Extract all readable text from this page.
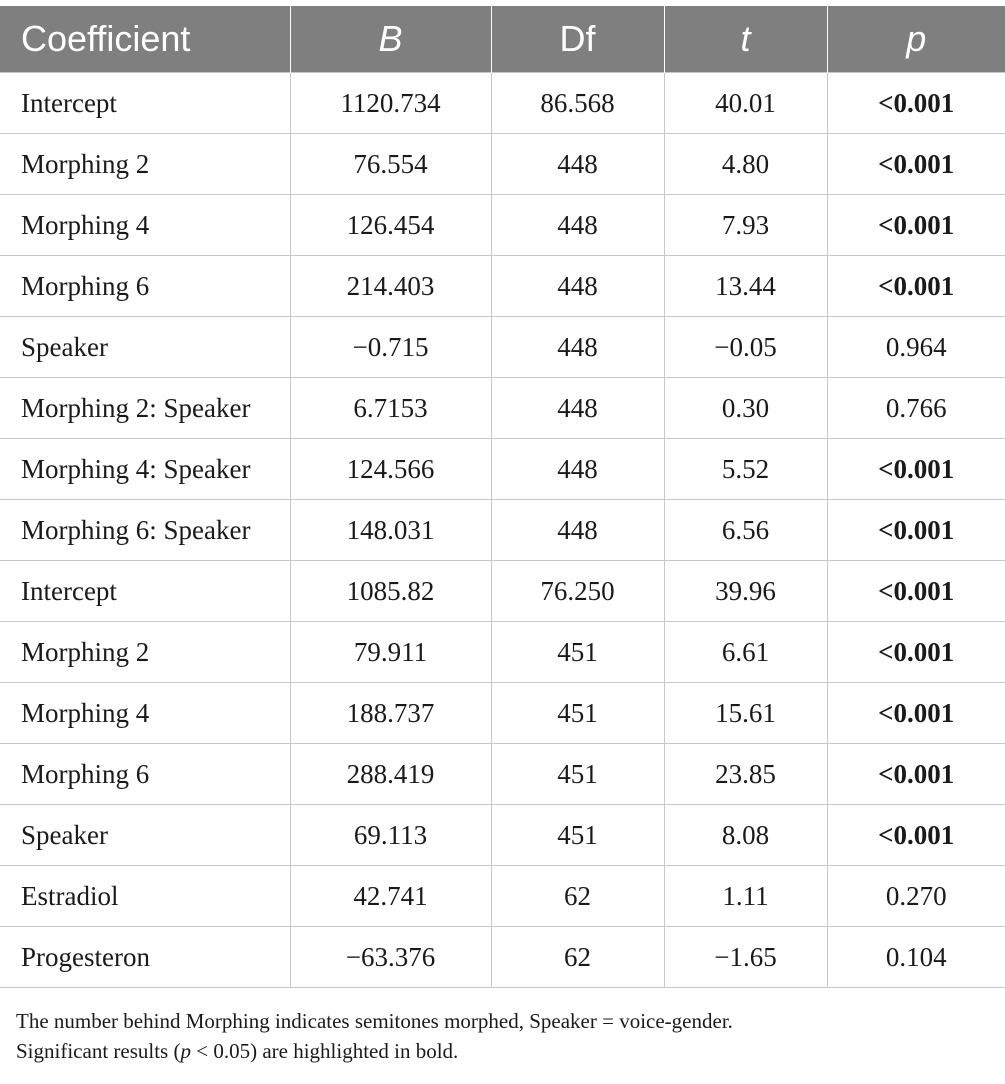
Coefficient	B	Df	t	p
Intercept	1120.734	86.568	40.01	<0.001
Morphing 2	76.554	448	4.80	<0.001
Morphing 4	126.454	448	7.93	<0.001
Morphing 6	214.403	448	13.44	<0.001
Speaker	−0.715	448	−0.05	0.964
Morphing 2: Speaker	6.7153	448	0.30	0.766
Morphing 4: Speaker	124.566	448	5.52	<0.001
Morphing 6: Speaker	148.031	448	6.56	<0.001
Intercept	1085.82	76.250	39.96	<0.001
Morphing 2	79.911	451	6.61	<0.001
Morphing 4	188.737	451	15.61	<0.001
Morphing 6	288.419	451	23.85	<0.001
Speaker	69.113	451	8.08	<0.001
Estradiol	42.741	62	1.11	0.270
Progesteron	−63.376	62	−1.65	0.104

The number behind Morphing indicates semitones morphed, Speaker = voice-gender.

Significant results (p < 0.05) are highlighted in bold.
